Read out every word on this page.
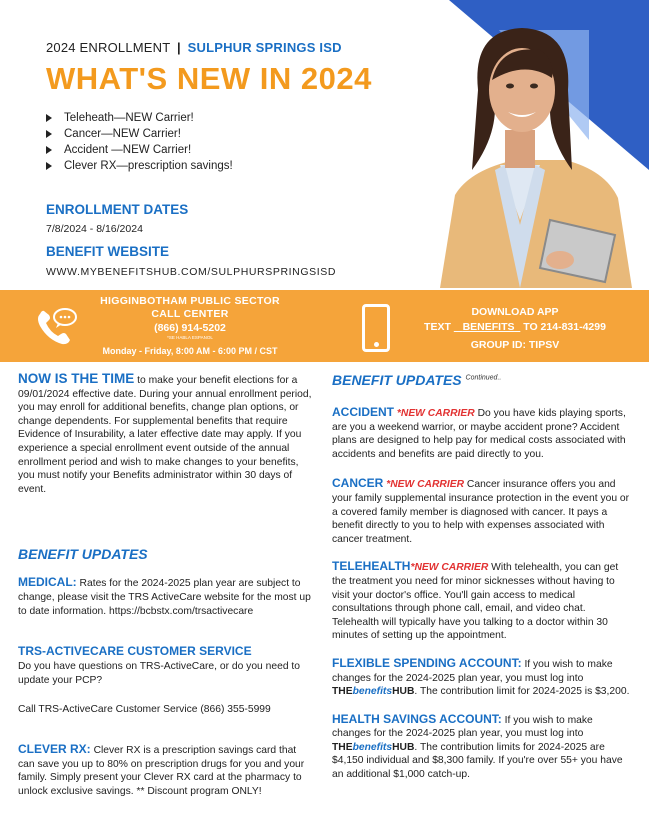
2024 ENROLLMENT | SULPHUR SPRINGS ISD
WHAT'S NEW IN 2024
Teleheath—NEW Carrier!
Cancer—NEW Carrier!
Accident —NEW Carrier!
Clever RX—prescription savings!
ENROLLMENT DATES
7/8/2024 - 8/16/2024
BENEFIT WEBSITE
WWW.MYBENEFITSHUB.COM/SULPHURSPRINGSISD
HIGGINBOTHAM PUBLIC SECTOR
CALL CENTER
(866) 914-5202
*SE HABLA ESPANOL
Monday - Friday, 8:00 AM - 6:00 PM / CST
DOWNLOAD APP
TEXT BENEFITS TO 214-831-4299
GROUP ID: TIPSV

NOW IS THE TIME to make your benefit elections for a 09/01/2024 effective date. During your annual enrollment period, you may enroll for additional benefits, change plan options, or change dependents. For supplemental benefits that require Evidence of Insurability, a later effective date may apply. If you experience a special enrollment event outside of the annual enrollment period and wish to make changes to your benefits, you must notify your Benefits administrator within 30 days of event.

BENEFIT UPDATES

MEDICAL: Rates for the 2024-2025 plan year are subject to change, please visit the TRS ActiveCare website for the most up to date information. https://bcbstx.com/trsactivecare

TRS-ACTIVECARE CUSTOMER SERVICE

Do you have questions on TRS-ActiveCare, or do you need to update your PCP?

Call TRS-ActiveCare Customer Service (866) 355-5999

CLEVER RX: Clever RX is a prescription savings card that can save you up to 80% on prescription drugs for you and your family. Simply present your Clever RX card at the pharmacy to unlock exclusive savings. ** Discount program ONLY!

BENEFIT UPDATES $^{Continued..}$

ACCIDENT *NEW CARRIER Do you have kids playing sports, are you a weekend warrior, or maybe accident prone? Accident plans are designed to help pay for medical costs associated with accidents and benefits are paid directly to you.

CANCER *NEW CARRIER Cancer insurance offers you and your family supplemental insurance protection in the event you or a covered family member is diagnosed with cancer. It pays a benefit directly to you to help with expenses associated with cancer treatment.

TELEHEALTH*NEW CARRIER With telehealth, you can get the treatment you need for minor sicknesses without having to visit your doctor's office. You'll gain access to medical consultations through phone call, email, and video chat. Telehealth will typically have you talking to a doctor within 30 minutes of setting up the appointment.

FLEXIBLE SPENDING ACCOUNT: If you wish to make changes for the 2024-2025 plan year, you must log into THEbenefitsHUB. The contribution limit for 2024-2025 is $3,200.

HEALTH SAVINGS ACCOUNT: If you wish to make changes for the 2024-2025 plan year, you must log into THEbenefitsHUB. The contribution limits for 2024-2025 are $4,150 individual and $8,300 family. If you're over 55+ you have an additional $1,000 catch-up.
